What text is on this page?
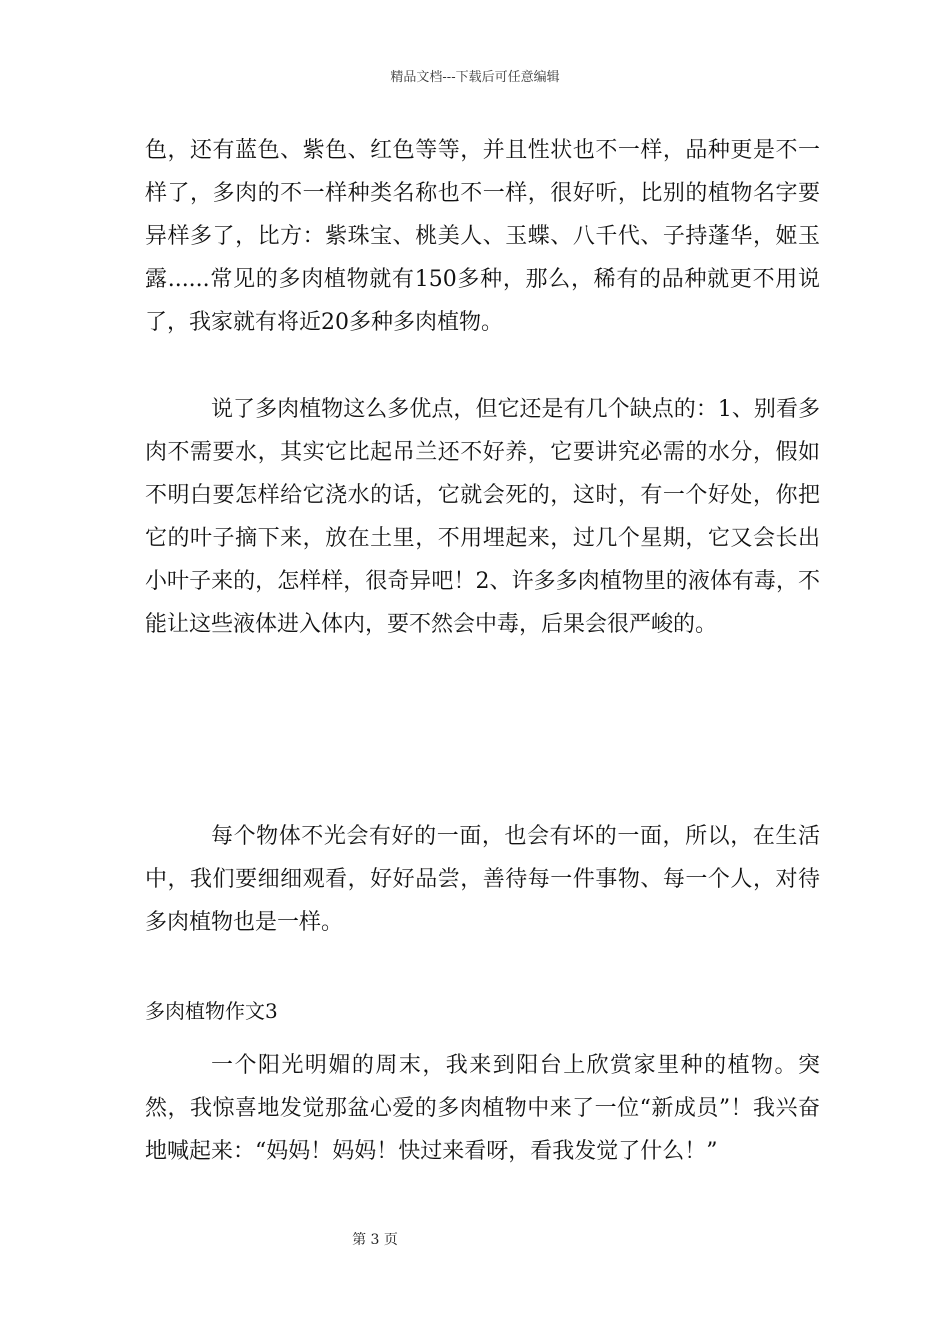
精品文档---下载后可任意编辑

色，还有蓝色、紫色、红色等等，并且性状也不一样，品种更是不一样了，多肉的不一样种类名称也不一样，很好听，比别的植物名字要异样多了，比方：紫珠宝、桃美人、玉蝶、八千代、子持蓬华，姬玉露......常见的多肉植物就有150多种，那么，稀有的品种就更不用说了，我家就有将近20多种多肉植物。

说了多肉植物这么多优点，但它还是有几个缺点的：1、别看多肉不需要水，其实它比起吊兰还不好养，它要讲究必需的水分，假如不明白要怎样给它浇水的话，它就会死的，这时，有一个好处，你把它的叶子摘下来，放在土里，不用埋起来，过几个星期，它又会长出小叶子来的，怎样样，很奇异吧！2、许多多肉植物里的液体有毒，不能让这些液体进入体内，要不然会中毒，后果会很严峻的。

每个物体不光会有好的一面，也会有坏的一面，所以，在生活中，我们要细细观看，好好品尝，善待每一件事物、每一个人，对待多肉植物也是一样。

多肉植物作文3

一个阳光明媚的周末，我来到阳台上欣赏家里种的植物。突然，我惊喜地发觉那盆心爱的多肉植物中来了一位“新成员”！我兴奋地喊起来：“妈妈！妈妈！快过来看呀，看我发觉了什么！”

第 3 页
